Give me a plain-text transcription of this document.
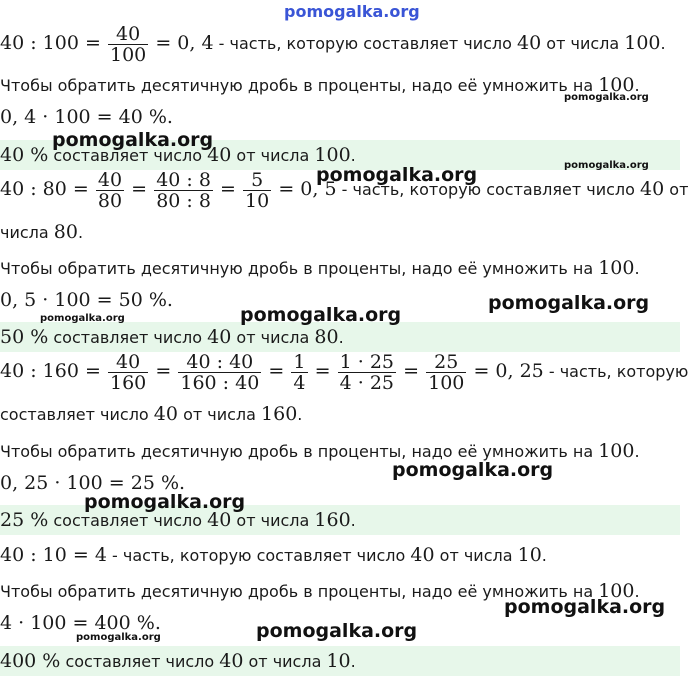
pomogalka.org
40 : $100 = \frac{40}{100} = 0$, 4 - часть, которую составляет число 40 от числа 100.
Чтобы обратить десятичную дробь в проценты, надо её умножить на 100.
0, 4 · 100 = 40 %.
40 % составляет число 40 от числа 100.
40 : $80 = \frac{40}{80} = \frac{40 : 8}{80 : 8} = \frac{5}{10} = 0$, 5 - часть, которую составляет число 40 от
числа 80.
Чтобы обратить десятичную дробь в проценты, надо её умножить на 100.
0, 5 · 100 = 50 %.
50 % составляет число 40 от числа 80.
40 : $160 = \frac{40}{160} = \frac{40 : 40}{160 : 40} = \frac{1}{4} = \frac{1 \cdot 25}{4 \cdot 25} = \frac{25}{100} = 0$, 25 - часть, которую
составляет число 40 от числа 160.
Чтобы обратить десятичную дробь в проценты, надо её умножить на 100.
0, 25 · 100 = 25 %.
25 % составляет число 40 от числа 160.
40 : 10 = 4 - часть, которую составляет число 40 от числа 10.
Чтобы обратить десятичную дробь в проценты, надо её умножить на 100.
4 · 100 = 400 %.
400 % составляет число 40 от числа 10.
pomogalka.org
pomogalka.org
pomogalka.org
pomogalka.org
pomogalka.org
pomogalka.org
pomogalka.org
pomogalka.org
pomogalka.org
pomogalka.org
pomogalka.org
pomogalka.org
